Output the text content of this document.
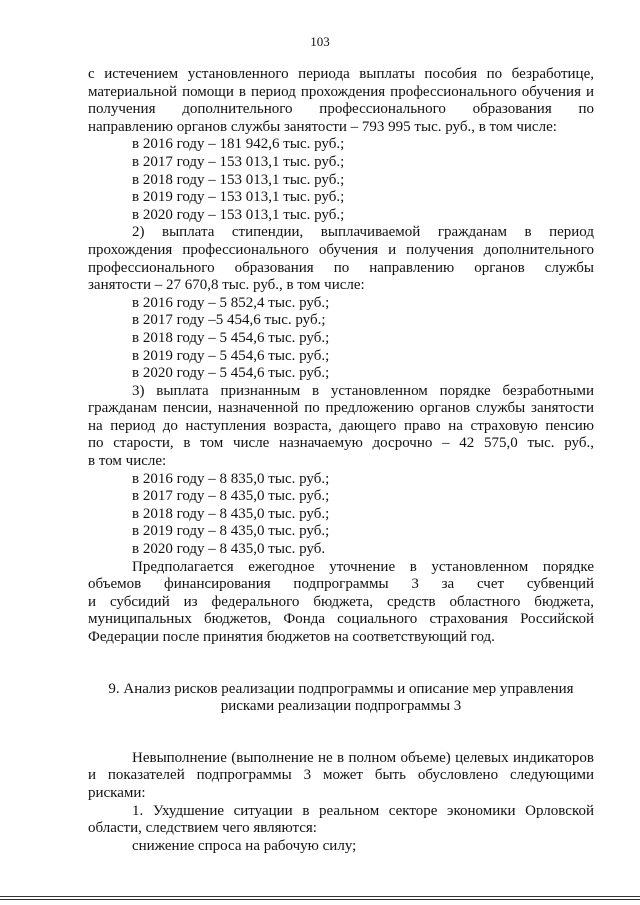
103

с истечением установленного периода выплаты пособия по безработице,

материальной помощи в период прохождения профессионального обучения и

получения дополнительного профессионального образования по

направлению органов службы занятости – 793 995 тыс. руб., в том числе:

в 2016 году – 181 942,6 тыс. руб.;

в 2017 году – 153 013,1 тыс. руб.;

в 2018 году – 153 013,1 тыс. руб.;

в 2019 году – 153 013,1 тыс. руб.;

в 2020 году – 153 013,1 тыс. руб.;

2) выплата стипендии, выплачиваемой гражданам в период

прохождения профессионального обучения и получения дополнительного

профессионального образования по направлению органов службы

занятости – 27 670,8 тыс. руб., в том числе:

в 2016 году – 5 852,4 тыс. руб.;

в 2017 году –5 454,6 тыс. руб.;

в 2018 году – 5 454,6 тыс. руб.;

в 2019 году – 5 454,6 тыс. руб.;

в 2020 году – 5 454,6 тыс. руб.;

3) выплата признанным в установленном порядке безработными

гражданам пенсии, назначенной по предложению органов службы занятости

на период до наступления возраста, дающего право на страховую пенсию

по старости, в том числе назначаемую досрочно – 42 575,0 тыс. руб.,

в том числе:

в 2016 году – 8 835,0 тыс. руб.;

в 2017 году – 8 435,0 тыс. руб.;

в 2018 году – 8 435,0 тыс. руб.;

в 2019 году – 8 435,0 тыс. руб.;

в 2020 году – 8 435,0 тыс. руб.

Предполагается ежегодное уточнение в установленном порядке

объемов финансирования подпрограммы 3 за счет субвенций

и субсидий из федерального бюджета, средств областного бюджета,

муниципальных бюджетов, Фонда социального страхования Российской

Федерации после принятия бюджетов на соответствующий год.

9. Анализ рисков реализации подпрограммы и описание мер управления

рисками реализации подпрограммы 3

Невыполнение (выполнение не в полном объеме) целевых индикаторов

и показателей подпрограммы 3 может быть обусловлено следующими

рисками:

1. Ухудшение ситуации в реальном секторе экономики Орловской

области, следствием чего являются:

снижение спроса на рабочую силу;
